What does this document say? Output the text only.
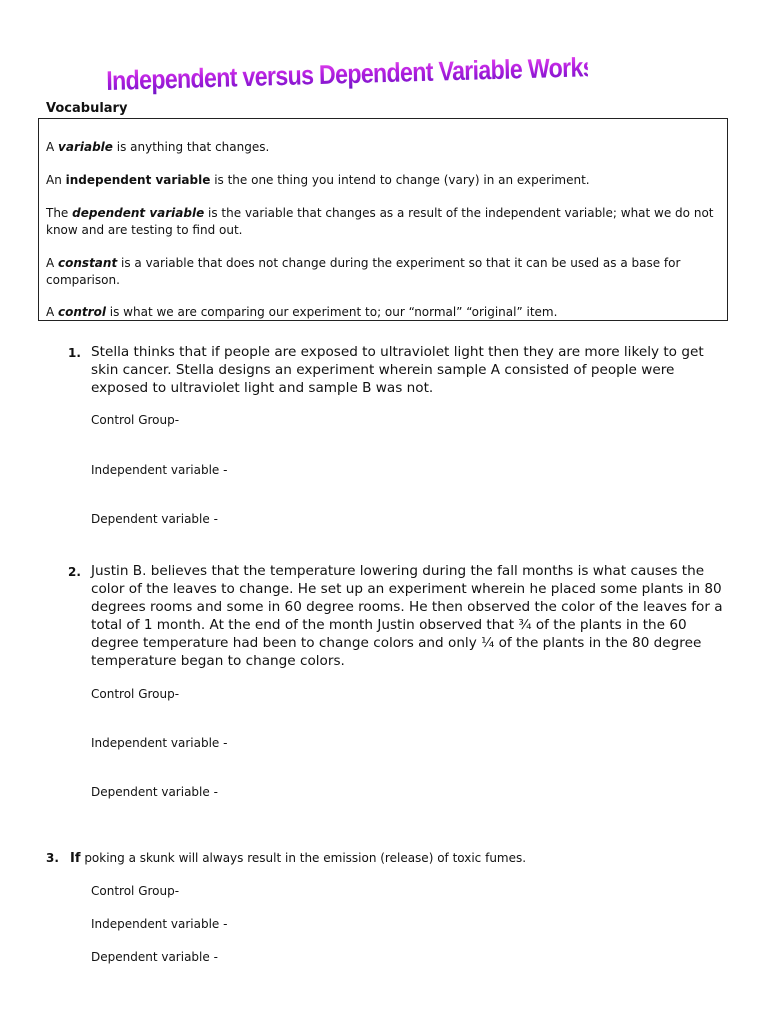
Independent versus Dependent Variable Worksheet
Vocabulary

A variable is anything that changes.

An independent variable is the one thing you intend to change (vary) in an experiment.

The dependent variable is the variable that changes as a result of the independent variable; what we do not know and are testing to find out.

A constant is a variable that does not change during the experiment so that it can be used as a base for comparison.

A control is what we are comparing our experiment to; our “normal” “original” item.

1. Stella thinks that if people are exposed to ultraviolet light then they are more likely to get skin cancer. Stella designs an experiment wherein sample A consisted of people were exposed to ultraviolet light and sample B was not.

Control Group-
Independent variable -
Dependent variable -
2. Justin B. believes that the temperature lowering during the fall months is what causes the color of the leaves to change. He set up an experiment wherein he placed some plants in 80 degrees rooms and some in 60 degree rooms. He then observed the color of the leaves for a total of 1 month. At the end of the month Justin observed that ¾ of the plants in the 60 degree temperature had been to change colors and only ¼ of the plants in the 80 degree temperature began to change colors.

Control Group-
Independent variable -
Dependent variable -
3. If poking a skunk will always result in the emission (release) of toxic fumes.

Control Group-
Independent variable -
Dependent variable -
